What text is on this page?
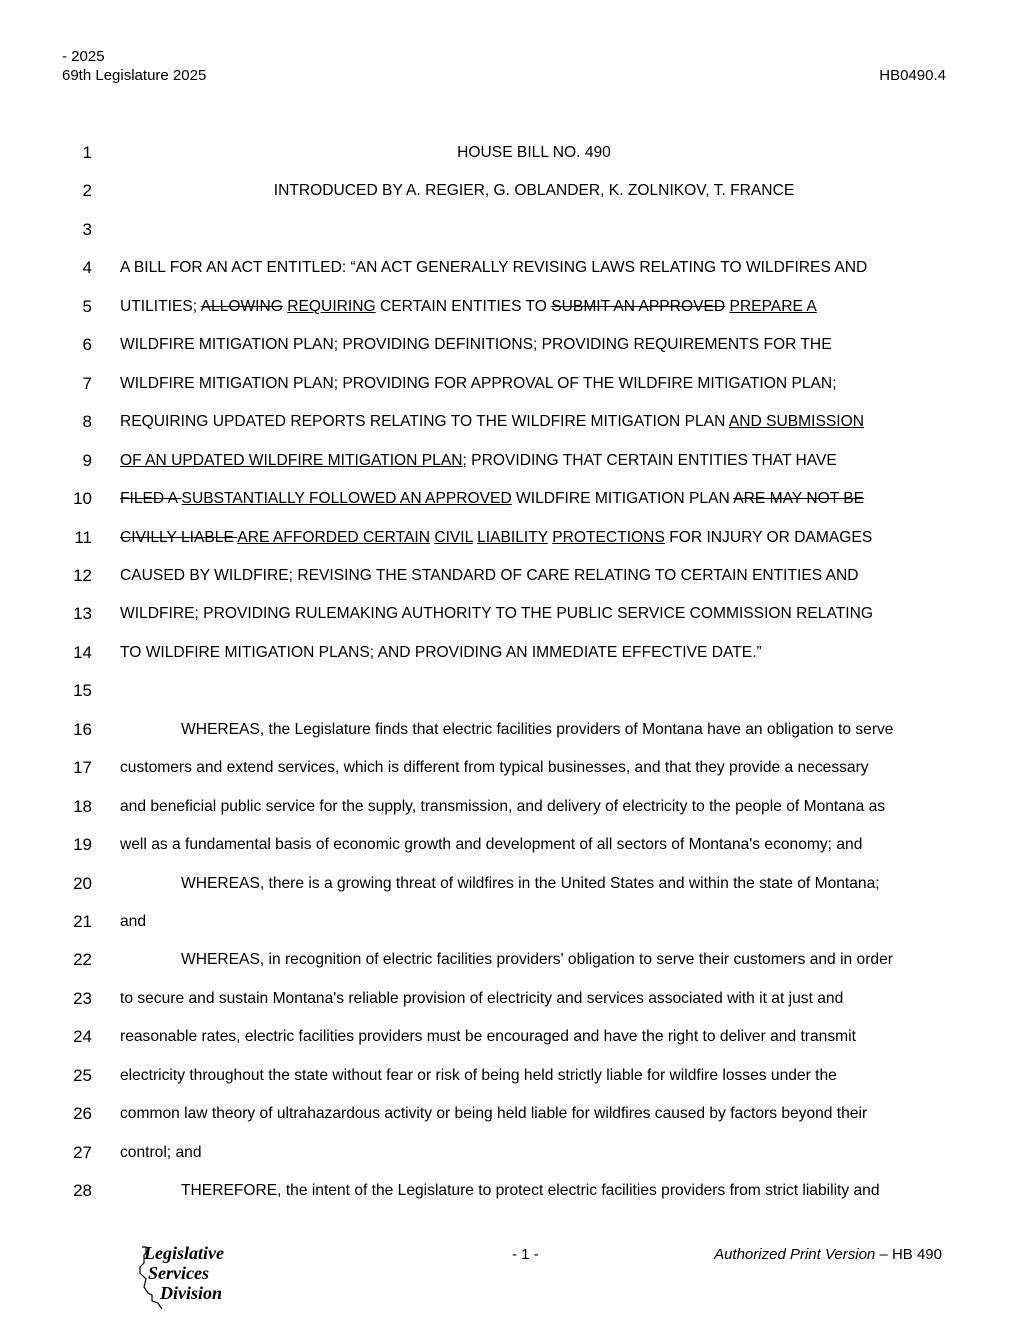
- 2025
69th Legislature 2025	HB0490.4
1	HOUSE BILL NO. 490
2	INTRODUCED BY A. REGIER, G. OBLANDER, K. ZOLNIKOV, T. FRANCE
3
4 A BILL FOR AN ACT ENTITLED: “AN ACT GENERALLY REVISING LAWS RELATING TO WILDFIRES AND
5 UTILITIES; ALLOWING REQUIRING CERTAIN ENTITIES TO SUBMIT AN APPROVED PREPARE A
6 WILDFIRE MITIGATION PLAN; PROVIDING DEFINITIONS; PROVIDING REQUIREMENTS FOR THE
7 WILDFIRE MITIGATION PLAN; PROVIDING FOR APPROVAL OF THE WILDFIRE MITIGATION PLAN;
8 REQUIRING UPDATED REPORTS RELATING TO THE WILDFIRE MITIGATION PLAN AND SUBMISSION
9 OF AN UPDATED WILDFIRE MITIGATION PLAN; PROVIDING THAT CERTAIN ENTITIES THAT HAVE
10 FILED A SUBSTANTIALLY FOLLOWED AN APPROVED WILDFIRE MITIGATION PLAN ARE MAY NOT BE
11 CIVILLY LIABLE ARE AFFORDED CERTAIN CIVIL LIABILITY PROTECTIONS FOR INJURY OR DAMAGES
12 CAUSED BY WILDFIRE; REVISING THE STANDARD OF CARE RELATING TO CERTAIN ENTITIES AND
13 WILDFIRE; PROVIDING RULEMAKING AUTHORITY TO THE PUBLIC SERVICE COMMISSION RELATING
14 TO WILDFIRE MITIGATION PLANS; AND PROVIDING AN IMMEDIATE EFFECTIVE DATE.”
15
16	WHEREAS, the Legislature finds that electric facilities providers of Montana have an obligation to serve
17 customers and extend services, which is different from typical businesses, and that they provide a necessary
18 and beneficial public service for the supply, transmission, and delivery of electricity to the people of Montana as
19 well as a fundamental basis of economic growth and development of all sectors of Montana's economy; and
20	WHEREAS, there is a growing threat of wildfires in the United States and within the state of Montana;
21 and
22	WHEREAS, in recognition of electric facilities providers' obligation to serve their customers and in order
23 to secure and sustain Montana's reliable provision of electricity and services associated with it at just and
24 reasonable rates, electric facilities providers must be encouraged and have the right to deliver and transmit
25 electricity throughout the state without fear or risk of being held strictly liable for wildfire losses under the
26 common law theory of ultrahazardous activity or being held liable for wildfires caused by factors beyond their
27 control; and
28	THEREFORE, the intent of the Legislature to protect electric facilities providers from strict liability and
Legislative
Services
Division
- 1 -	Authorized Print Version – HB 490
